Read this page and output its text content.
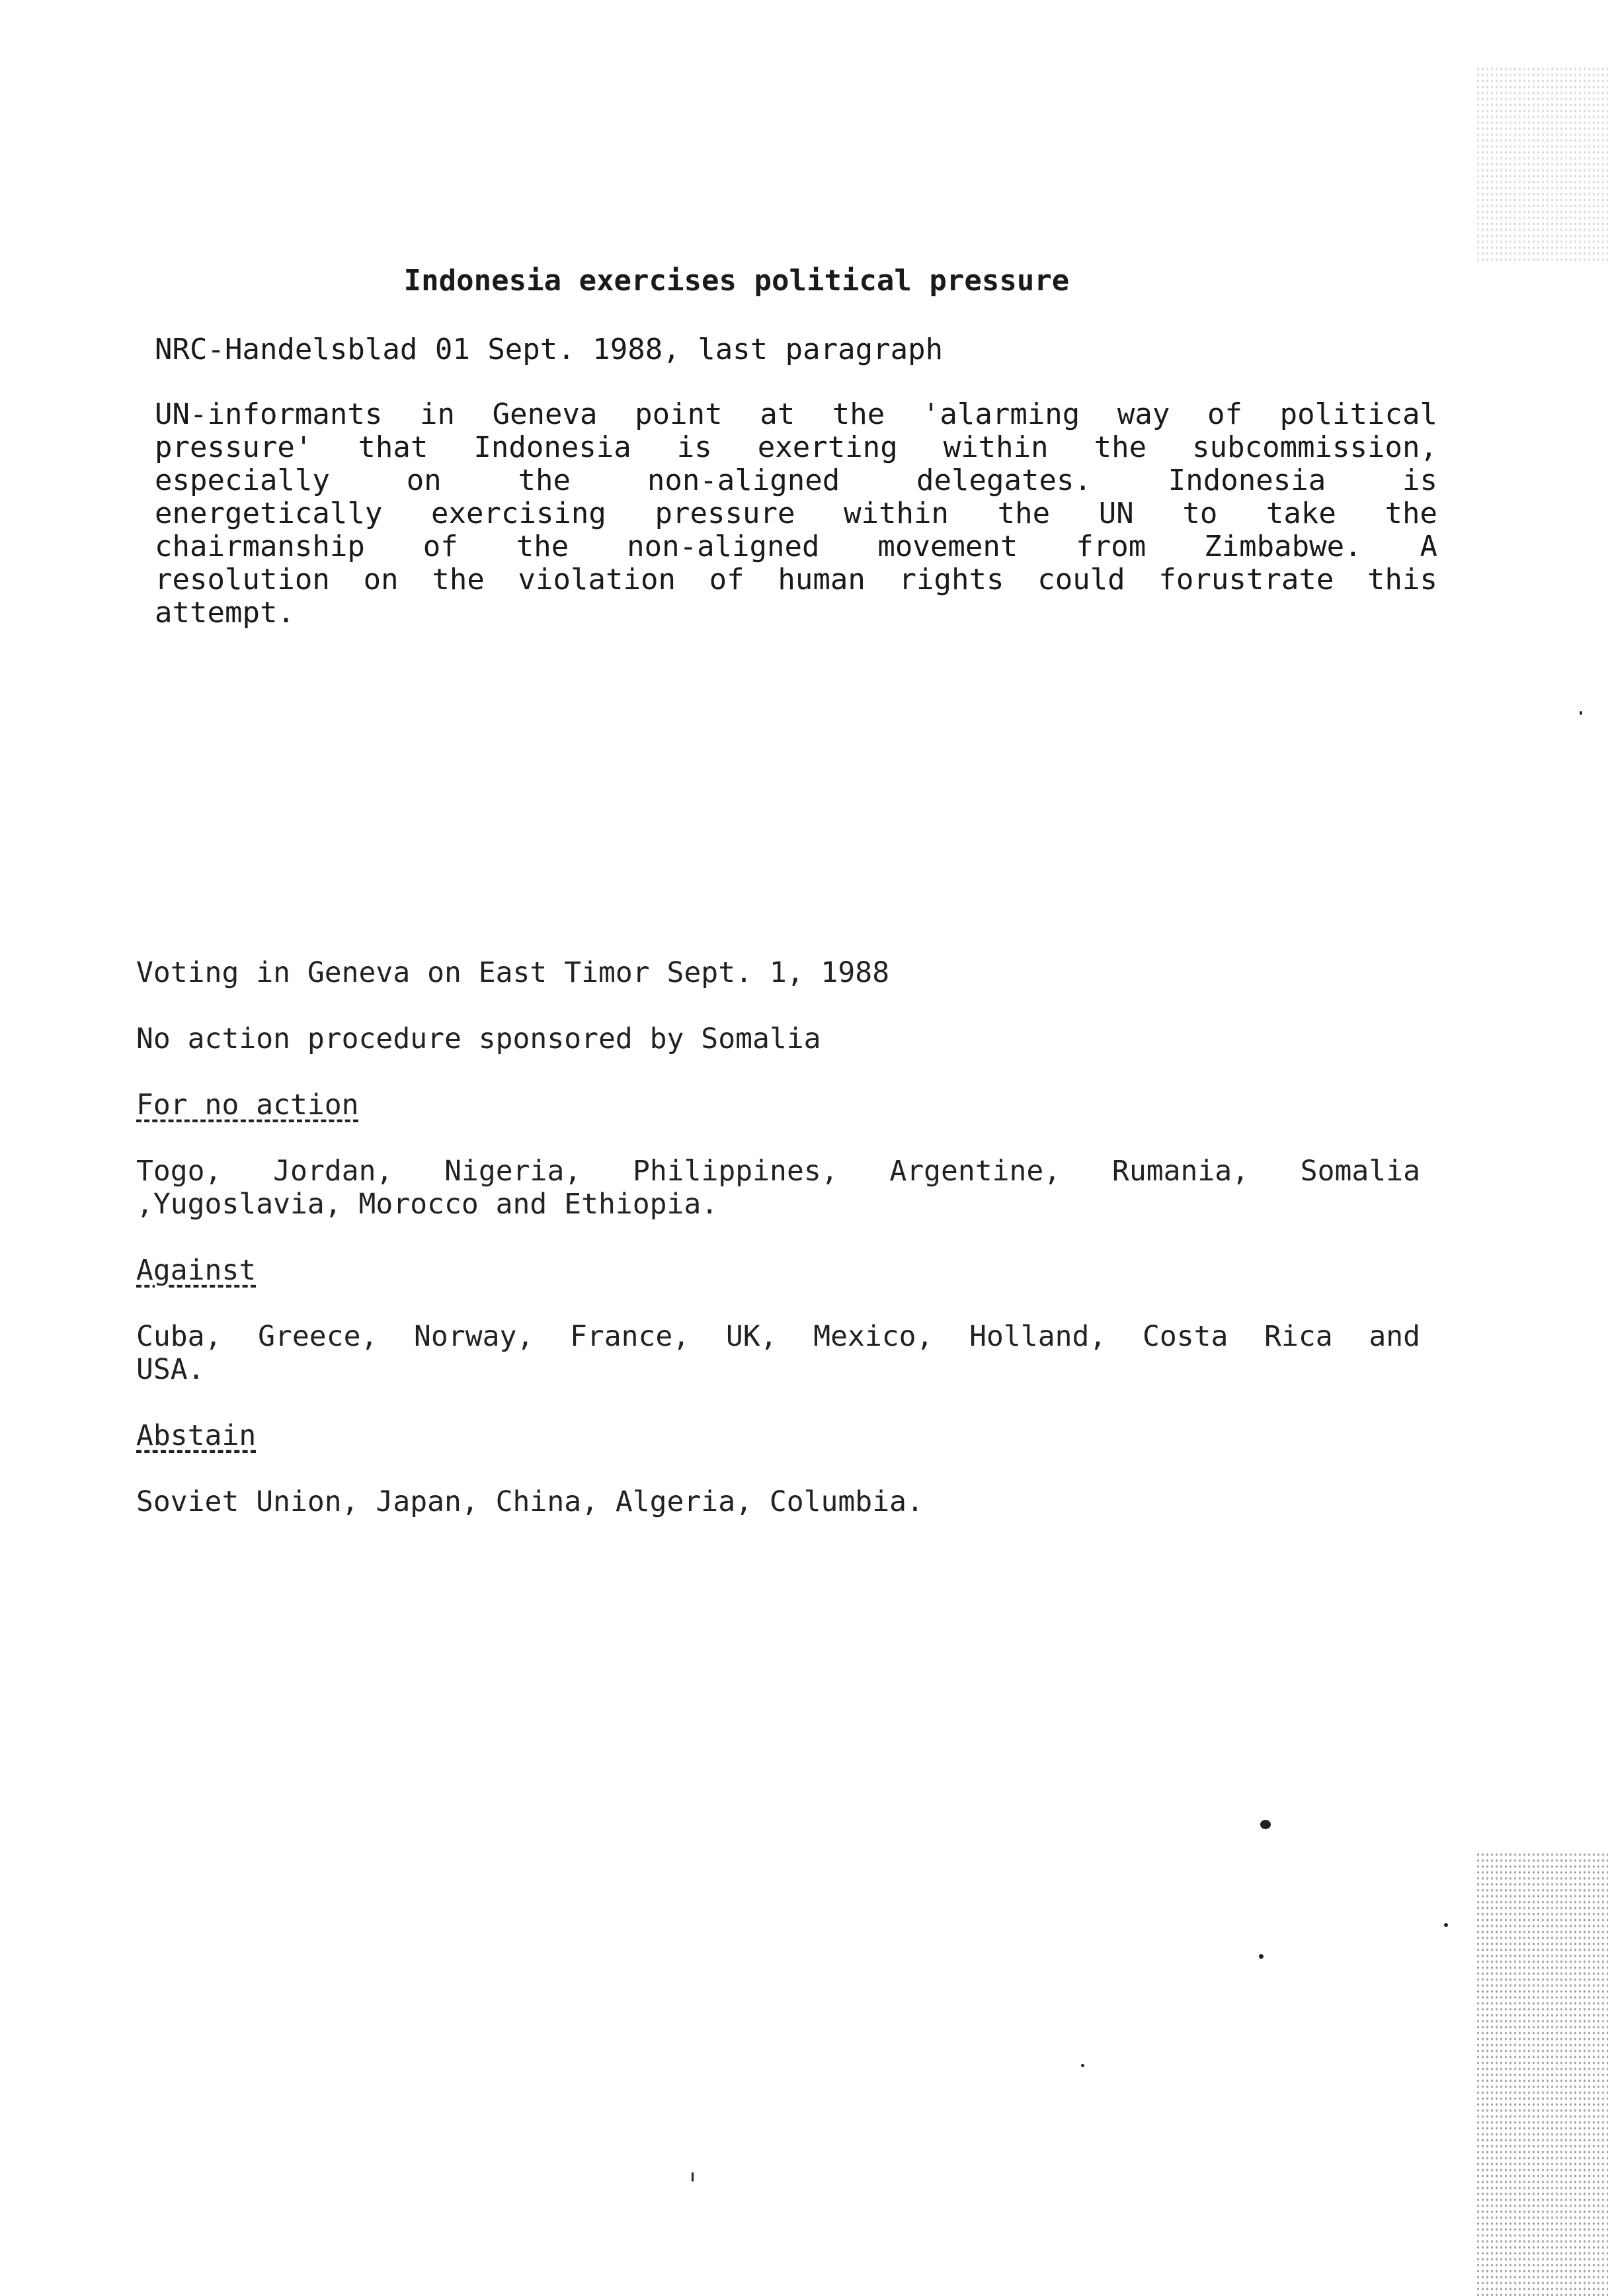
Indonesia exercises political pressure
NRC-Handelsblad 01 Sept. 1988, last paragraph
UN-informants in Geneva point at the 'alarming way of political
pressure' that Indonesia is exerting within the subcommission,
especially on the non-aligned delegates. Indonesia is
energetically exercising pressure within the UN to take the
chairmanship of the non-aligned movement from Zimbabwe. A
resolution on the violation of human rights could forustrate this
attempt.
Voting in Geneva on East Timor Sept. 1, 1988
No action procedure sponsored by Somalia
For no action
Togo, Jordan, Nigeria, Philippines, Argentine, Rumania, Somalia
,Yugoslavia, Morocco and Ethiopia.
Against
Cuba, Greece, Norway, France, UK, Mexico, Holland, Costa Rica and
USA.
Abstain
Soviet Union, Japan, China, Algeria, Columbia.
